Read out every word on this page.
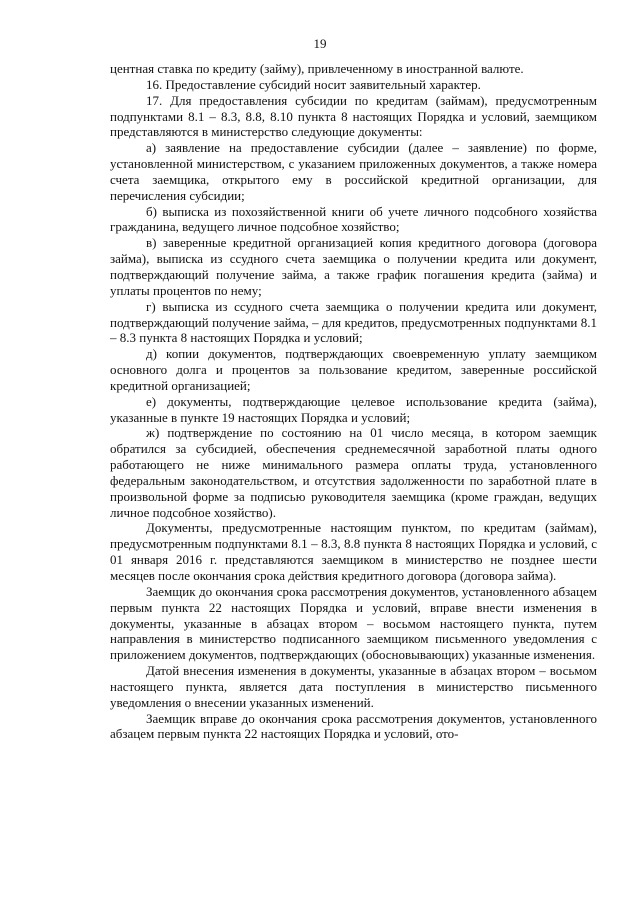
19

центная ставка по кредиту (займу), привлеченному в иностранной валюте.

16. Предоставление субсидий носит заявительный характер.

17. Для предоставления субсидии по кредитам (займам), предусмотренным подпунктами 8.1 – 8.3, 8.8, 8.10 пункта 8 настоящих Порядка и условий, заемщиком представляются в министерство следующие документы:

а) заявление на предоставление субсидии (далее – заявление) по форме, установленной министерством, с указанием приложенных документов, а также номера счета заемщика, открытого ему в российской кредитной организации, для перечисления субсидии;

б) выписка из похозяйственной книги об учете личного подсобного хозяйства гражданина, ведущего личное подсобное хозяйство;

в) заверенные кредитной организацией копия кредитного договора (договора займа), выписка из ссудного счета заемщика о получении кредита или документ, подтверждающий получение займа, а также график погашения кредита (займа) и уплаты процентов по нему;

г) выписка из ссудного счета заемщика о получении кредита или документ, подтверждающий получение займа, – для кредитов, предусмотренных подпунктами 8.1 – 8.3 пункта 8 настоящих Порядка и условий;

д) копии документов, подтверждающих своевременную уплату заемщиком основного долга и процентов за пользование кредитом, заверенные российской кредитной организацией;

е) документы, подтверждающие целевое использование кредита (займа), указанные в пункте 19 настоящих Порядка и условий;

ж) подтверждение по состоянию на 01 число месяца, в котором заемщик обратился за субсидией, обеспечения среднемесячной заработной платы одного работающего не ниже минимального размера оплаты труда, установленного федеральным законодательством, и отсутствия задолженности по заработной плате в произвольной форме за подписью руководителя заемщика (кроме граждан, ведущих личное подсобное хозяйство).

Документы, предусмотренные настоящим пунктом, по кредитам (займам), предусмотренным подпунктами 8.1 – 8.3, 8.8 пункта 8 настоящих Порядка и условий, с 01 января 2016 г. представляются заемщиком в министерство не позднее шести месяцев после окончания срока действия кредитного договора (договора займа).

Заемщик до окончания срока рассмотрения документов, установленного абзацем первым пункта 22 настоящих Порядка и условий, вправе внести изменения в документы, указанные в абзацах втором – восьмом настоящего пункта, путем направления в министерство подписанного заемщиком письменного уведомления с приложением документов, подтверждающих (обосновывающих) указанные изменения.

Датой внесения изменения в документы, указанные в абзацах втором – восьмом настоящего пункта, является дата поступления в министерство письменного уведомления о внесении указанных изменений.

Заемщик вправе до окончания срока рассмотрения документов, установленного абзацем первым пункта 22 настоящих Порядка и условий, ото-
